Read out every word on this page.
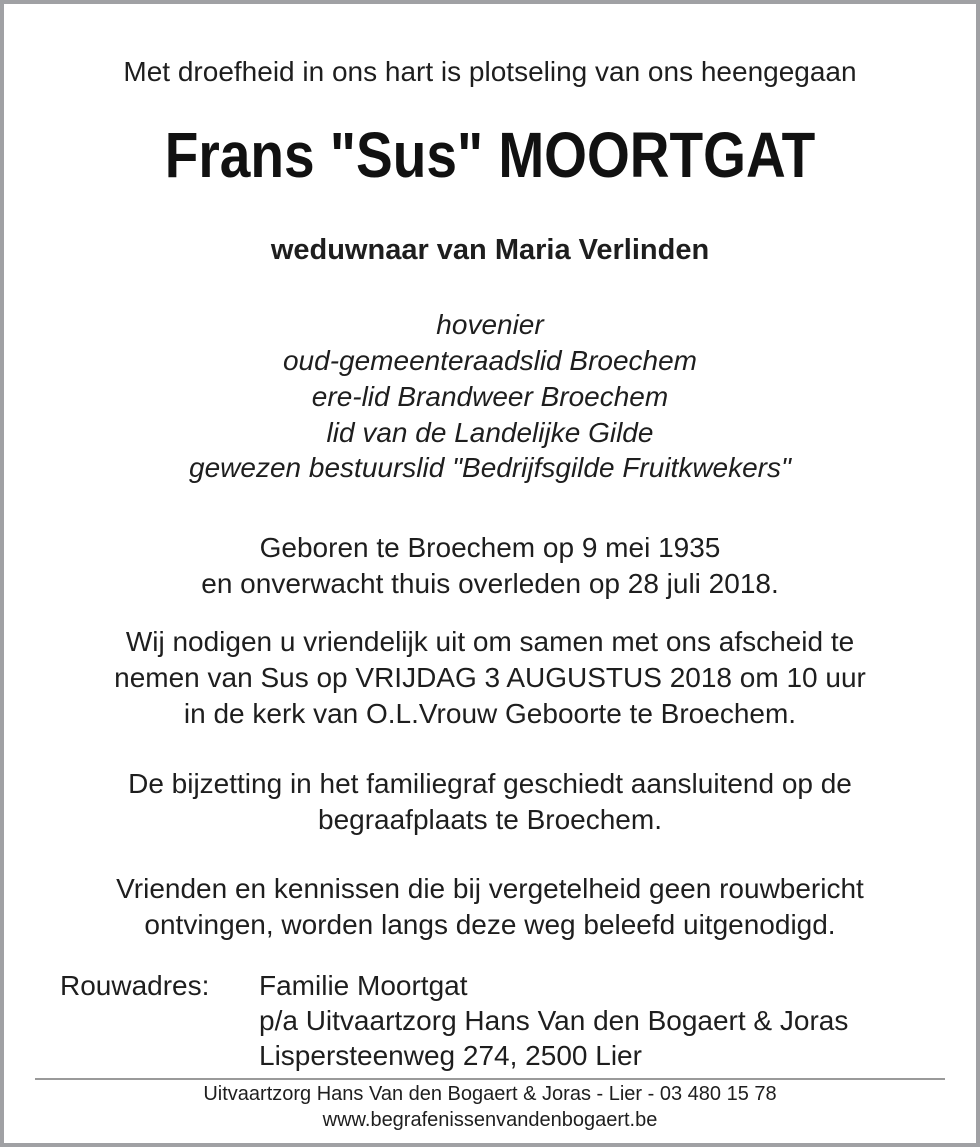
Met droefheid in ons hart is plotseling van ons heengegaan
Frans "Sus" MOORTGAT
weduwnaar van Maria Verlinden
hovenier
oud-gemeenteraadslid Broechem
ere-lid Brandweer Broechem
lid van de Landelijke Gilde
gewezen bestuurslid "Bedrijfsgilde Fruitkwekers"
Geboren te Broechem op 9 mei 1935
en onverwacht thuis overleden op 28 juli 2018.
Wij nodigen u vriendelijk uit om samen met ons afscheid te
nemen van Sus op VRIJDAG 3 AUGUSTUS 2018 om 10 uur
in de kerk van O.L.Vrouw Geboorte te Broechem.
De bijzetting in het familiegraf geschiedt aansluitend op de
begraafplaats te Broechem.
Vrienden en kennissen die bij vergetelheid geen rouwbericht
ontvingen, worden langs deze weg beleefd uitgenodigd.
Rouwadres: Familie Moortgat
p/a Uitvaartzorg Hans Van den Bogaert & Joras
Lispersteenweg 274, 2500 Lier
Uitvaartzorg Hans Van den Bogaert & Joras - Lier - 03 480 15 78
www.begrafenissenvandenbogaert.be
